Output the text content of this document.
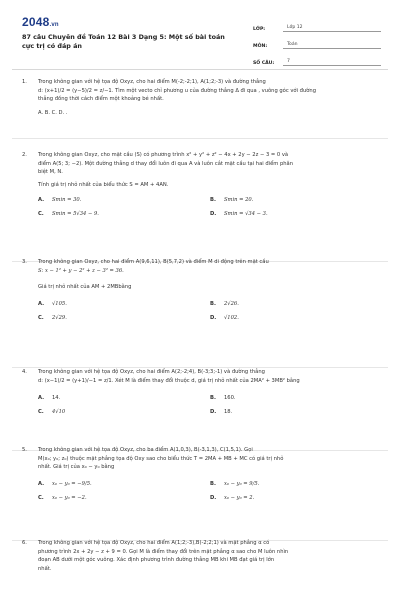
2048.vn
87 câu Chuyên đề Toán 12 Bài 3 Dạng 5: Một số bài toán cực trị có đáp án
LỚP:	Lớp 12
MÔN:	Toán
SỐ CÂU:	7
1.	Trong không gian với hệ tọa độ Oxyz, cho hai điểm M(-2;-2;1), A(1;2;-3) và đường thẳng

d: (x+1)/2 = (y−5)/2 = z/−1. Tìm một vecto chỉ phương u của đường thẳng Δ đi qua , vuông góc với đường

thẳng đồng thời cách điểm một khoảng bé nhất.

A. B. C. D. .

2.	Trong không gian Oxyz, cho mặt cầu (S) có phương trình x² + y² + z² − 4x + 2y − 2z − 3 = 0 và

điểm A(5; 3; −2). Một đường thẳng d thay đổi luôn đi qua A và luôn cắt mặt cầu tại hai điểm phân

biệt M, N.

Tính giá trị nhỏ nhất của biểu thức S = AM + 4AN.

A.	Smin = 30.	B.	Smin = 20.
C.	Smin = 5√34 − 9.	D.	Smin = √34 − 3.
3.	Trong không gian Oxyz, cho hai điểm A(9,6,11), B(5,7,2) và điểm M di động trên mặt cầu

S: x − 1² + y − 2² + z − 3² = 36.

Giá trị nhỏ nhất của AM + 2MBbằng

A.	√105.	B.	2√26.
C.	2√29.	D.	√102.
4.	Trong không gian với hệ tọa độ Oxyz, cho hai điểm A(2;-2;4), B(-3;3;-1) và đường thẳng

d: (x−1)/2 = (y+1)/−1 = z/1. Xét M là điểm thay đổi thuộc d, giá trị nhỏ nhất của 2MA² + 3MB² bằng

A.	14.	B.	160.
C.	4√10	D.	18.
5.	Trong không gian với hệ tọa độ Oxyz, cho ba điểm A(1,0,3), B(-3,1,3), C(1,5,1). Gọi

M(x₀; y₀; z₀) thuộc mặt phẳng tọa độ Oxy sao cho biểu thức T = 2MA + MB + MC có giá trị nhỏ

nhất. Giá trị của x₀ − y₀ bằng

A.	x₀ − y₀ = −9/5.	B.	x₀ − y₀ = 9/5.
C.	x₀ − y₀ = −2.	D.	x₀ − y₀ = 2.
6.	Trong không gian với hệ tọa độ Oxyz, cho hai điểm A(1;2;-3),B(-2;2;1) và mặt phẳng α có

phương trình 2x + 2y − z + 9 = 0. Gọi M là điểm thay đổi trên mặt phẳng α sao cho M luôn nhìn

đoạn AB dưới một góc vuông. Xác định phương trình đường thẳng MB khi MB đạt giá trị lớn

nhất.
